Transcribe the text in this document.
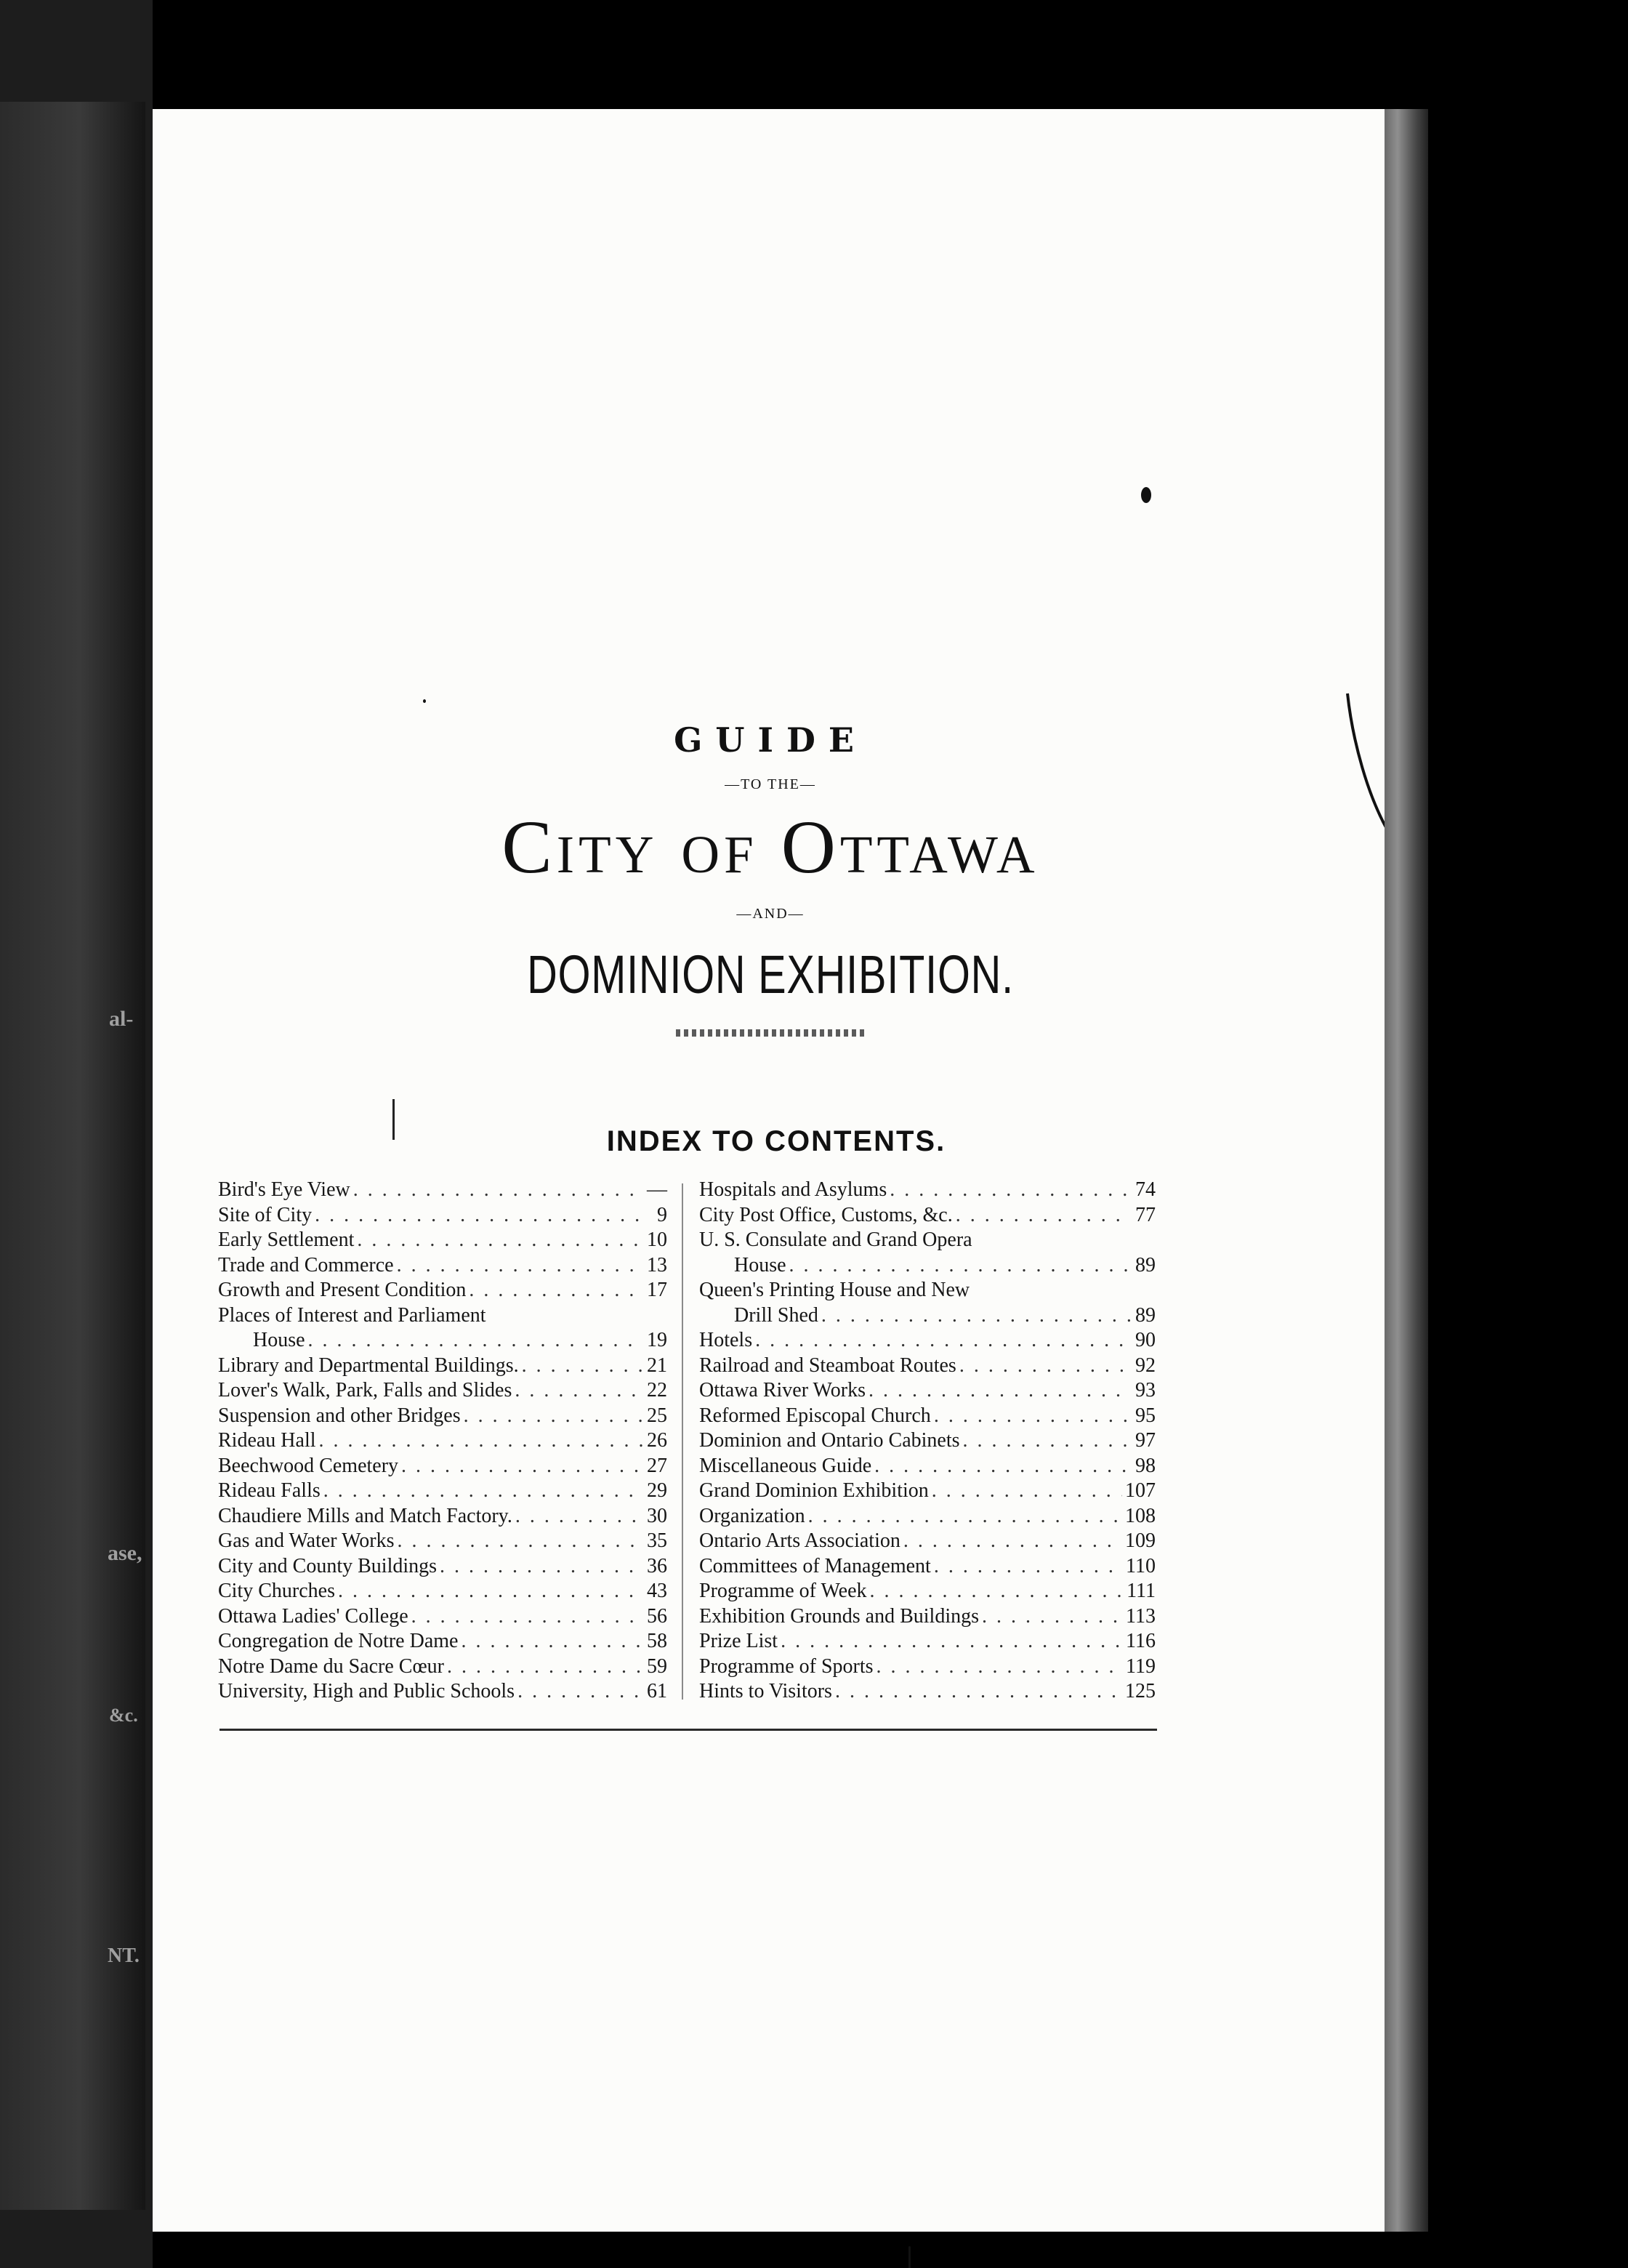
al-
ase,
&c.
NT.
GUIDE

—TO THE—

City of Ottawa

—AND—

DOMINION EXHIBITION.
INDEX TO CONTENTS.
Bird's Eye View . . .	—
Site of City . . .	9
Early Settlement . . .	10
Trade and Commerce . . .	13
Growth and Present Condition . . .	17
Places of Interest and Parliament
House . . .	19
Library and Departmental Buildings. . . .	21
Lover's Walk, Park, Falls and Slides . . .	22
Suspension and other Bridges . . .	25
Rideau Hall . . .	26
Beechwood Cemetery . . .	27
Rideau Falls . . .	29
Chaudiere Mills and Match Factory. . . .	30
Gas and Water Works . . .	35
City and County Buildings . . .	36
City Churches . . .	43
Ottawa Ladies' College . . .	56
Congregation de Notre Dame . . .	58
Notre Dame du Sacre Cœur . . .	59
University, High and Public Schools . . .	61
Hospitals and Asylums . . .	74
City Post Office, Customs, &c. . . .	77
U. S. Consulate and Grand Opera
House . . .	89
Queen's Printing House and New
Drill Shed . . .	89
Hotels . . .	90
Railroad and Steamboat Routes . . .	92
Ottawa River Works . . .	93
Reformed Episcopal Church . . .	95
Dominion and Ontario Cabinets . . .	97
Miscellaneous Guide . . .	98
Grand Dominion Exhibition . . .	107
Organization . . .	108
Ontario Arts Association . . .	109
Committees of Management . . .	110
Programme of Week . . .	111
Exhibition Grounds and Buildings . . .	113
Prize List . . .	116
Programme of Sports . . .	119
Hints to Visitors . . .	125
